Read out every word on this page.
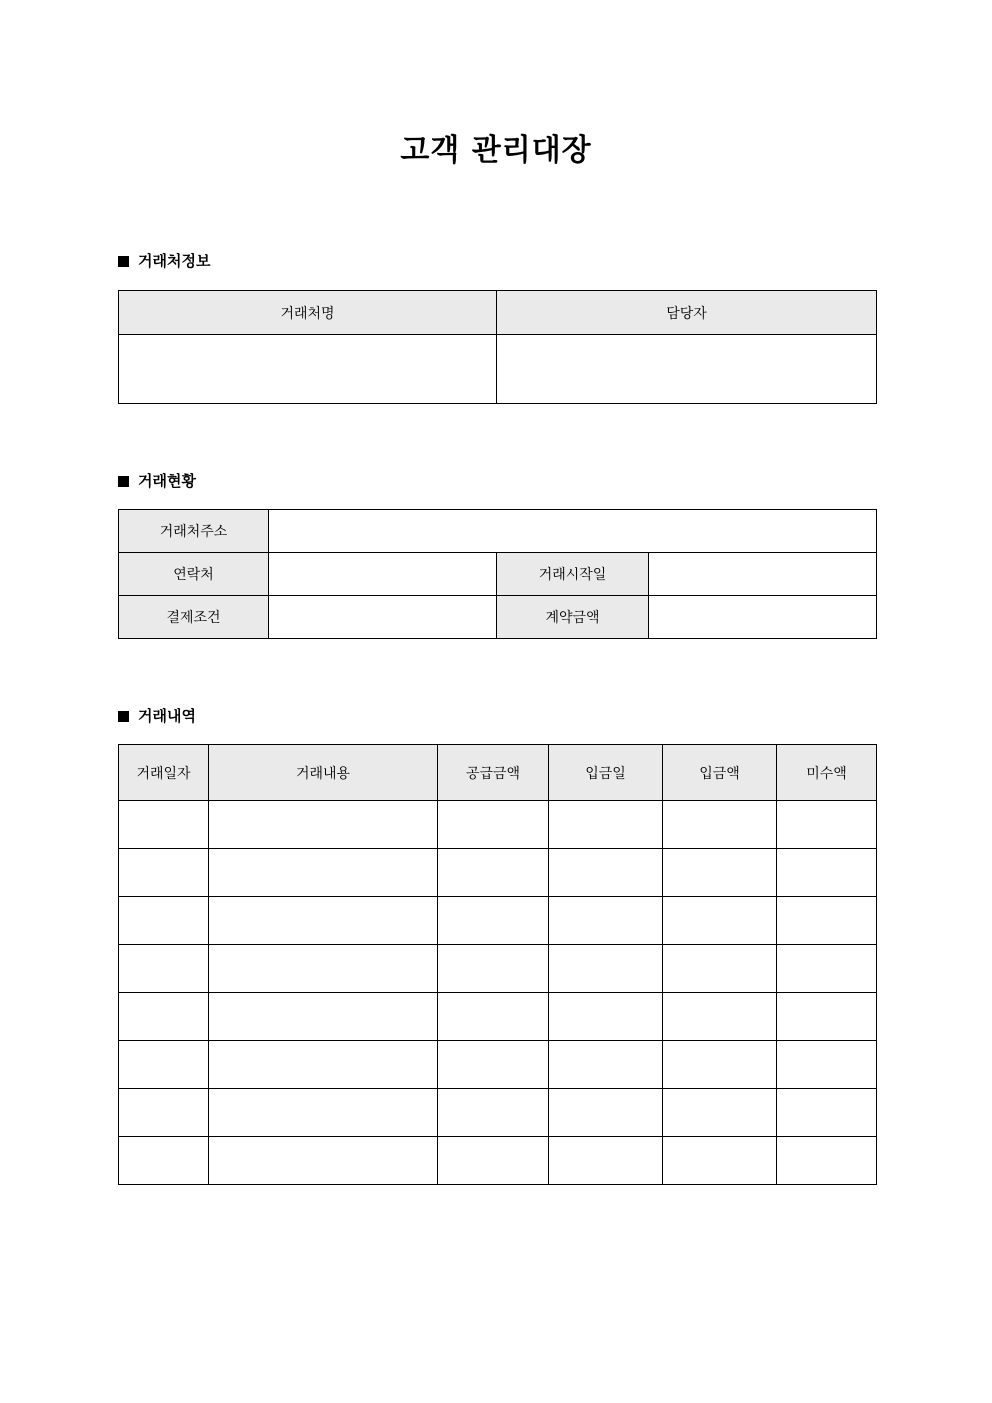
고객 관리대장
거래처정보
거래처명	담당자

거래현황
거래처주소			
연락처		거래시작일	
결제조건		계약금액	
거래내역
거래일자	거래내용	공급금액	입금일	입금액	미수액
